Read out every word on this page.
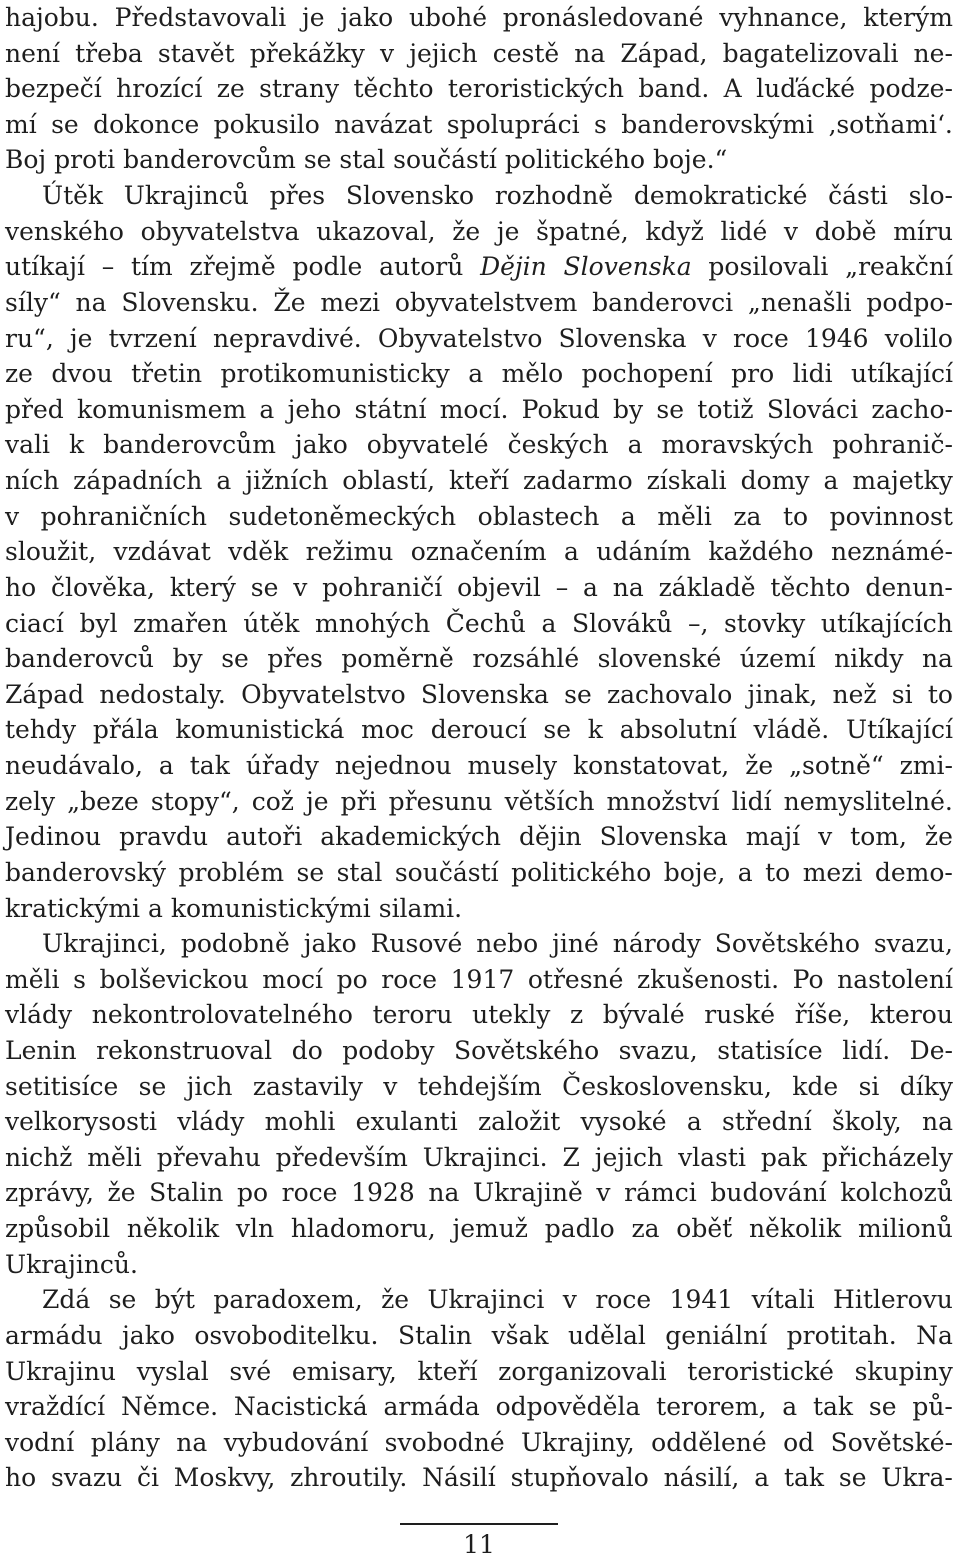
hajobu. Představovali je jako ubohé pronásledované vyhnance, kterým
není třeba stavět překážky v jejich cestě na Západ, bagatelizovali ne-
bezpečí hrozící ze strany těchto teroristických band. A luďácké podze-
mí se dokonce pokusilo navázat spolupráci s banderovskými ‚sotňami‘.
Boj proti banderovcům se stal součástí politického boje.“
Útěk Ukrajinců přes Slovensko rozhodně demokratické části slo-
venského obyvatelstva ukazoval, že je špatné, když lidé v době míru
utíkají – tím zřejmě podle autorů Dějin Slovenska posilovali „reakční
síly“ na Slovensku. Že mezi obyvatelstvem banderovci „nenašli podpo-
ru“, je tvrzení nepravdivé. Obyvatelstvo Slovenska v roce 1946 volilo
ze dvou třetin protikomunisticky a mělo pochopení pro lidi utíkající
před komunismem a jeho státní mocí. Pokud by se totiž Slováci zacho-
vali k banderovcům jako obyvatelé českých a moravských pohranič-
ních západních a jižních oblastí, kteří zadarmo získali domy a majetky
v pohraničních sudetoněmeckých oblastech a měli za to povinnost
sloužit, vzdávat vděk režimu označením a udáním každého neznámé-
ho člověka, který se v pohraničí objevil – a na základě těchto denun-
ciací byl zmařen útěk mnohých Čechů a Slováků –, stovky utíkajících
banderovců by se přes poměrně rozsáhlé slovenské území nikdy na
Západ nedostaly. Obyvatelstvo Slovenska se zachovalo jinak, než si to
tehdy přála komunistická moc deroucí se k absolutní vládě. Utíkající
neudávalo, a tak úřady nejednou musely konstatovat, že „sotně“ zmi-
zely „beze stopy“, což je při přesunu větších množství lidí nemyslitelné.
Jedinou pravdu autoři akademických dějin Slovenska mají v tom, že
banderovský problém se stal součástí politického boje, a to mezi demo-
kratickými a komunistickými silami.
Ukrajinci, podobně jako Rusové nebo jiné národy Sovětského svazu,
měli s bolševickou mocí po roce 1917 otřesné zkušenosti. Po nastolení
vlády nekontrolovatelného teroru utekly z bývalé ruské říše, kterou
Lenin rekonstruoval do podoby Sovětského svazu, statisíce lidí. De-
setitisíce se jich zastavily v tehdejším Československu, kde si díky
velkorysosti vlády mohli exulanti založit vysoké a střední školy, na
nichž měli převahu především Ukrajinci. Z jejich vlasti pak přicházely
zprávy, že Stalin po roce 1928 na Ukrajině v rámci budování kolchozů
způsobil několik vln hladomoru, jemuž padlo za oběť několik milionů
Ukrajinců.
Zdá se být paradoxem, že Ukrajinci v roce 1941 vítali Hitlerovu
armádu jako osvoboditelku. Stalin však udělal geniální protitah. Na
Ukrajinu vyslal své emisary, kteří zorganizovali teroristické skupiny
vraždící Němce. Nacistická armáda odpověděla terorem, a tak se pů-
vodní plány na vybudování svobodné Ukrajiny, oddělené od Sovětské-
ho svazu či Moskvy, zhroutily. Násilí stupňovalo násilí, a tak se Ukra-
11
